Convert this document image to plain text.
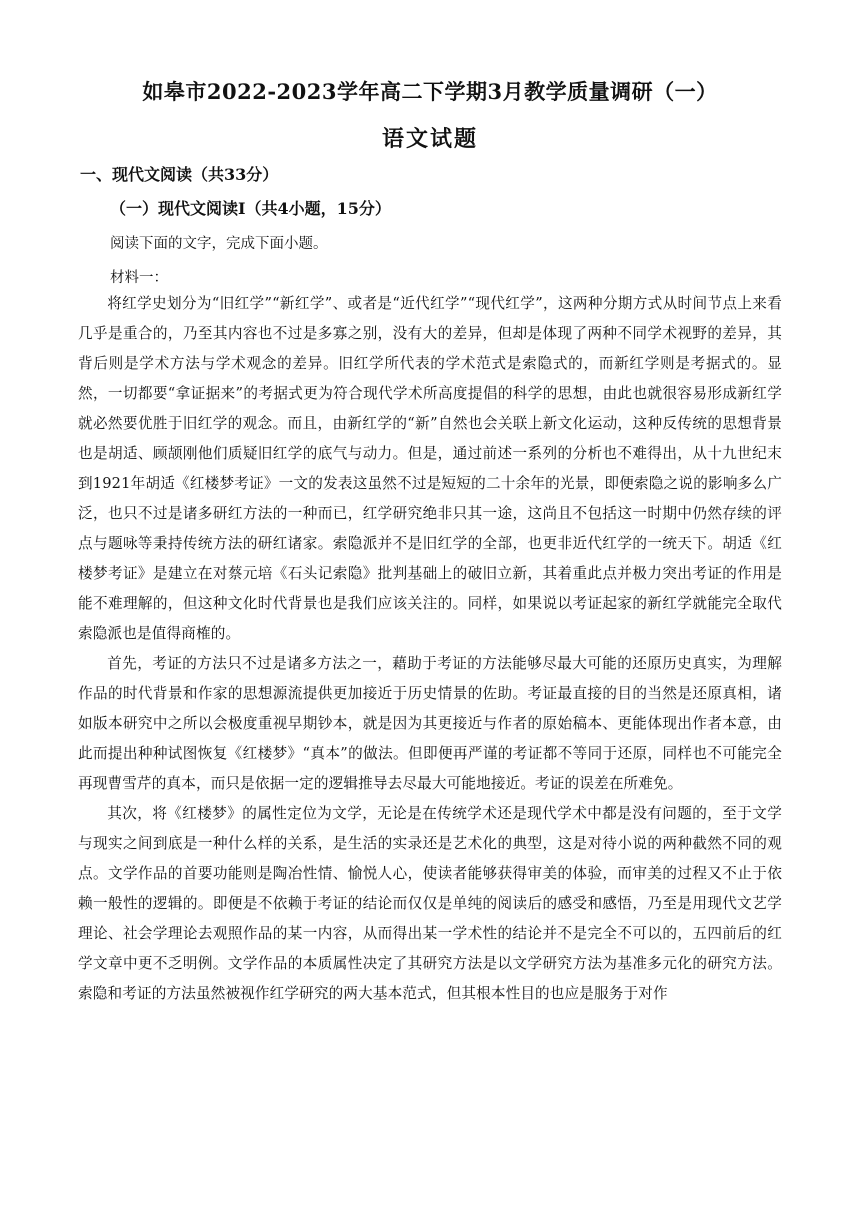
如皋市2022-2023学年高二下学期3月教学质量调研（一）
语文试题
一、现代文阅读（共33分）
（一）现代文阅读Ⅰ（共4小题，15分）
阅读下面的文字，完成下面小题。
材料一：

将红学史划分为“旧红学”“新红学”、或者是“近代红学”“现代红学”，这两种分期方式从时间节点上来看几乎是重合的，乃至其内容也不过是多寡之别，没有大的差异，但却是体现了两种不同学术视野的差异，其背后则是学术方法与学术观念的差异。旧红学所代表的学术范式是索隐式的，而新红学则是考据式的。显然，一切都要“拿证据来”的考据式更为符合现代学术所高度提倡的科学的思想，由此也就很容易形成新红学就必然要优胜于旧红学的观念。而且，由新红学的“新”自然也会关联上新文化运动，这种反传统的思想背景也是胡适、顾颉刚他们质疑旧红学的底气与动力。但是，通过前述一系列的分析也不难得出，从十九世纪末到1921年胡适《红楼梦考证》一文的发表这虽然不过是短短的二十余年的光景，即便索隐之说的影响多么广泛，也只不过是诸多研红方法的一种而已，红学研究绝非只其一途，这尚且不包括这一时期中仍然存续的评点与题咏等秉持传统方法的研红诸家。索隐派并不是旧红学的全部，也更非近代红学的一统天下。胡适《红楼梦考证》是建立在对蔡元培《石头记索隐》批判基础上的破旧立新，其着重此点并极力突出考证的作用是能不难理解的，但这种文化时代背景也是我们应该关注的。同样，如果说以考证起家的新红学就能完全取代索隐派也是值得商榷的。

首先，考证的方法只不过是诸多方法之一，藉助于考证的方法能够尽最大可能的还原历史真实，为理解作品的时代背景和作家的思想源流提供更加接近于历史情景的佐助。考证最直接的目的当然是还原真相，诸如版本研究中之所以会极度重视早期钞本，就是因为其更接近与作者的原始稿本、更能体现出作者本意，由此而提出种种试图恢复《红楼梦》“真本”的做法。但即便再严谨的考证都不等同于还原，同样也不可能完全再现曹雪芹的真本，而只是依据一定的逻辑推导去尽最大可能地接近。考证的误差在所难免。

其次，将《红楼梦》的属性定位为文学，无论是在传统学术还是现代学术中都是没有问题的，至于文学与现实之间到底是一种什么样的关系，是生活的实录还是艺术化的典型，这是对待小说的两种截然不同的观点。文学作品的首要功能则是陶冶性情、愉悦人心，使读者能够获得审美的体验，而审美的过程又不止于依赖一般性的逻辑的。即便是不依赖于考证的结论而仅仅是单纯的阅读后的感受和感悟，乃至是用现代文艺学理论、社会学理论去观照作品的某一内容，从而得出某一学术性的结论并不是完全不可以的，五四前后的红学文章中更不乏明例。文学作品的本质属性决定了其研究方法是以文学研究方法为基准多元化的研究方法。索隐和考证的方法虽然被视作红学研究的两大基本范式，但其根本性目的也应是服务于对作
